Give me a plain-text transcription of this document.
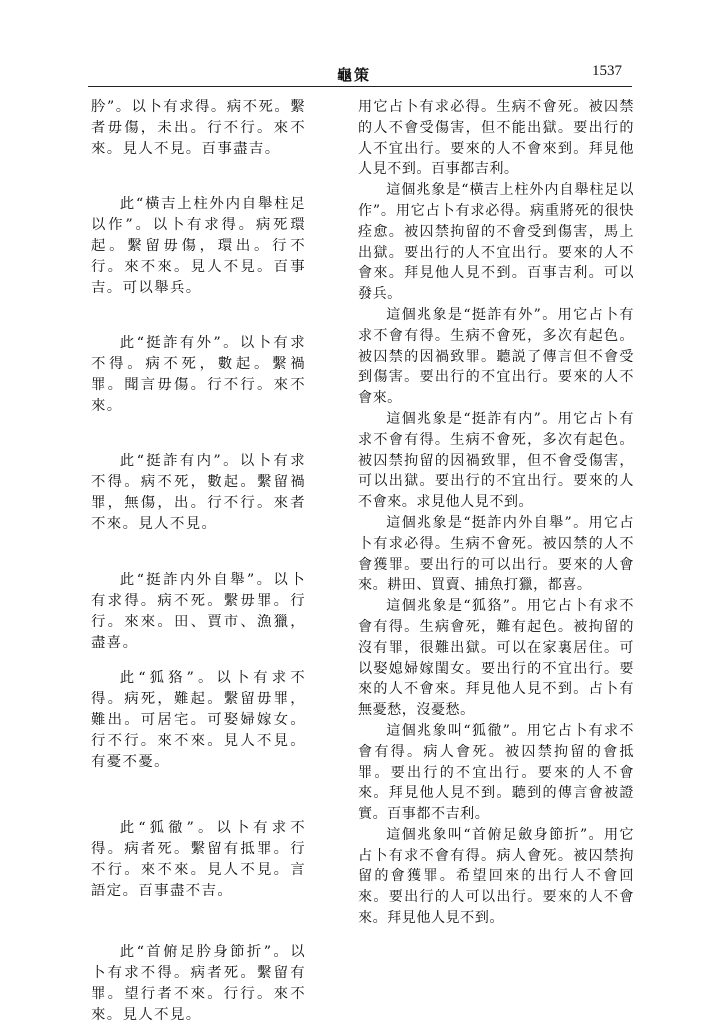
龜策	1537

肣”。以卜有求得。病不死。繫者毋傷，未出。行不行。來不來。見人不見。百事盡吉。

此“橫吉上柱外内自舉柱足以作”。以卜有求得。病死環起。繫留毋傷，環出。行不行。來不來。見人不見。百事吉。可以舉兵。

此“挺詐有外”。以卜有求不得。病不死，數起。繫禍罪。聞言毋傷。行不行。來不來。

此“挺詐有内”。以卜有求不得。病不死，數起。繫留禍罪，無傷，出。行不行。來者不來。見人不見。

此“挺詐内外自舉”。以卜有求得。病不死。繫毋罪。行行。來來。田、賈市、漁獵，盡喜。

此“狐狢”。以卜有求不得。病死，難起。繫留毋罪，難出。可居宅。可娶婦嫁女。行不行。來不來。見人不見。有憂不憂。

此“狐徹”。以卜有求不得。病者死。繫留有抵罪。行不行。來不來。見人不見。言語定。百事盡不吉。

此“首俯足肣身節折”。以卜有求不得。病者死。繫留有罪。望行者不來。行行。來不來。見人不見。

用它占卜有求必得。生病不會死。被囚禁的人不會受傷害，但不能出獄。要出行的人不宜出行。要來的人不會來到。拜見他人見不到。百事都吉利。

這個兆象是“橫吉上柱外内自舉柱足以作”。用它占卜有求必得。病重將死的很快痊愈。被囚禁拘留的不會受到傷害，馬上出獄。要出行的人不宜出行。要來的人不會來。拜見他人見不到。百事吉利。可以發兵。

這個兆象是“挺詐有外”。用它占卜有求不會有得。生病不會死，多次有起色。被囚禁的因禍致罪。聽説了傳言但不會受到傷害。要出行的不宜出行。要來的人不會來。

這個兆象是“挺詐有内”。用它占卜有求不會有得。生病不會死，多次有起色。被囚禁拘留的因禍致罪，但不會受傷害，可以出獄。要出行的不宜出行。要來的人不會來。求見他人見不到。

這個兆象是“挺詐内外自舉”。用它占卜有求必得。生病不會死。被囚禁的人不會獲罪。要出行的可以出行。要來的人會來。耕田、買賣、捕魚打獵，都喜。

這個兆象是“狐狢”。用它占卜有求不會有得。生病會死，難有起色。被拘留的沒有罪，很難出獄。可以在家裏居住。可以娶媳婦嫁閨女。要出行的不宜出行。要來的人不會來。拜見他人見不到。占卜有無憂愁，沒憂愁。

這個兆象叫“狐徹”。用它占卜有求不會有得。病人會死。被囚禁拘留的會抵罪。要出行的不宜出行。要來的人不會來。拜見他人見不到。聽到的傳言會被證實。百事都不吉利。

這個兆象叫“首俯足斂身節折”。用它占卜有求不會有得。病人會死。被囚禁拘留的會獲罪。希望回來的出行人不會回來。要出行的人可以出行。要來的人不會來。拜見他人見不到。
